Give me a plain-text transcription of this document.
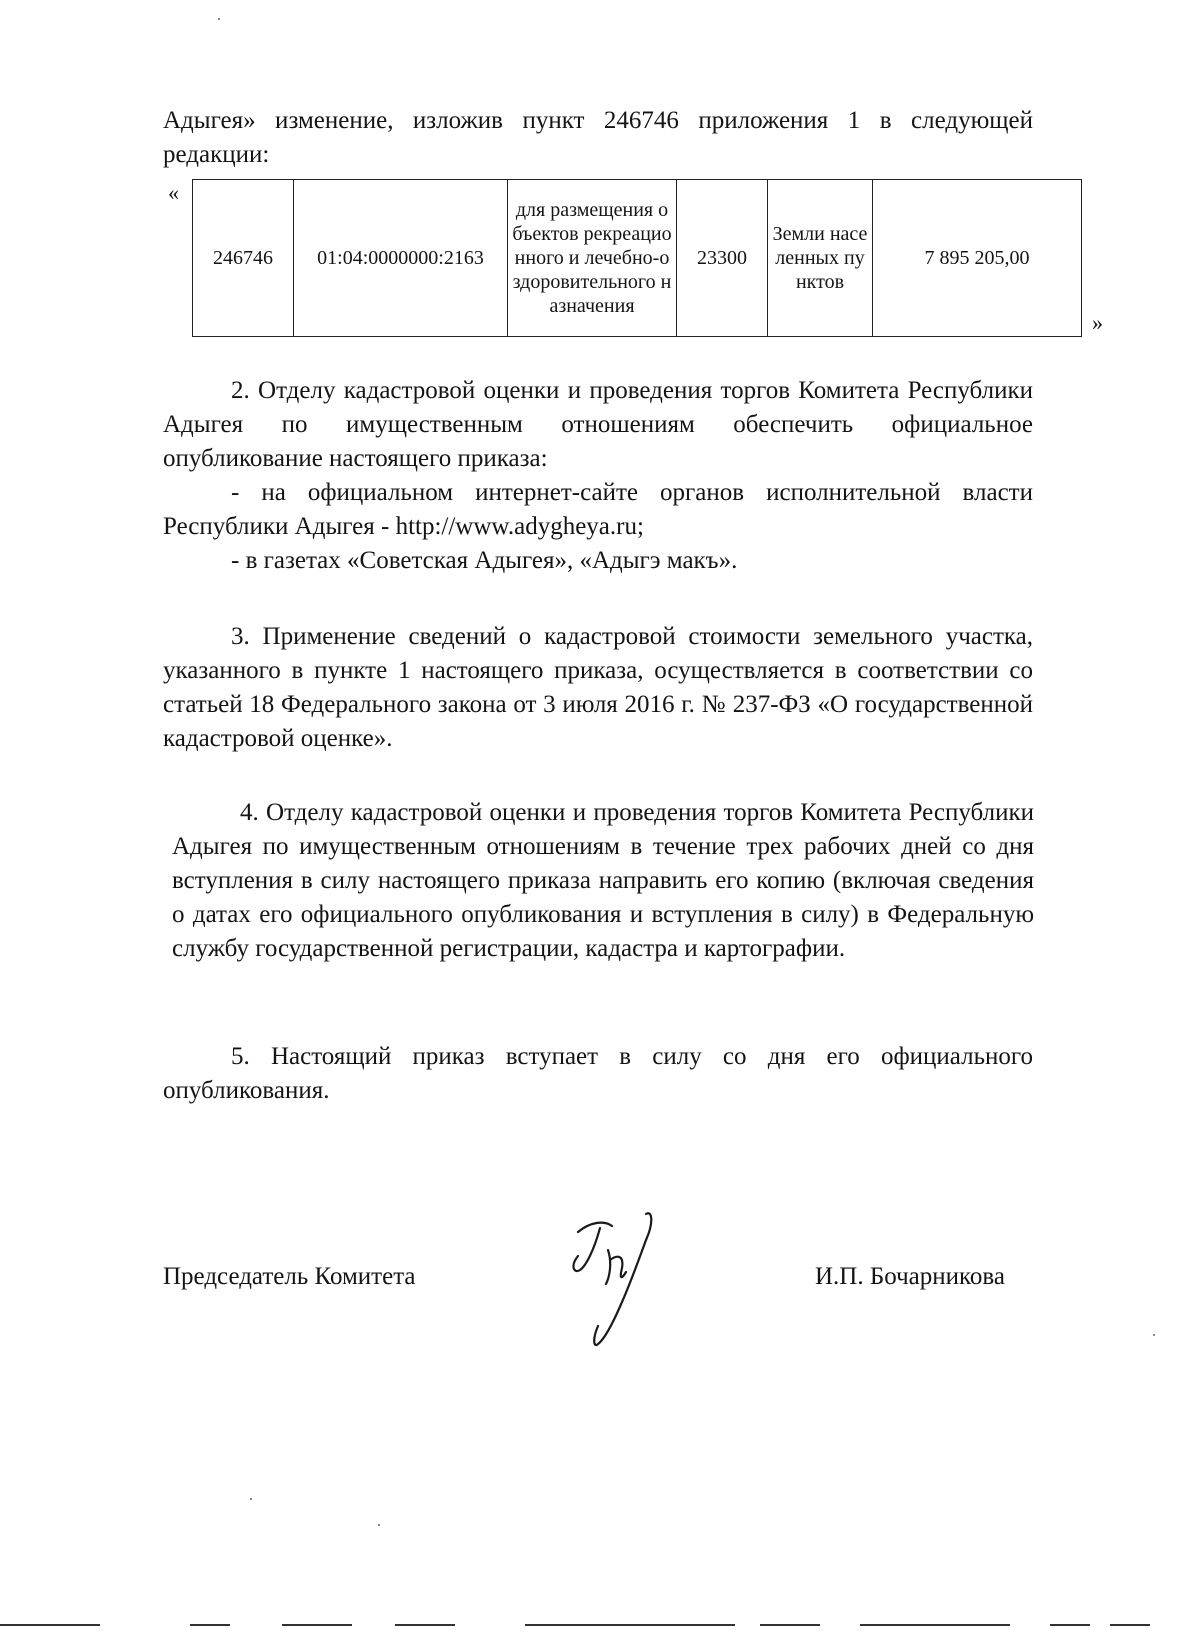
Адыгея» изменение, изложив пункт 246746 приложения 1 в следующей
редакции:
«
246746	01:04:0000000:2163	для размещения объектов рекреационного и лечебно-оздоровительного назначения	23300	Земли населенных пунктов	7 895 205,00
»

2. Отделу кадастровой оценки и проведения торгов Комитета Республики Адыгея по имущественным отношениям обеспечить официальное опубликование настоящего приказа:

- на официальном интернет-сайте органов исполнительной власти Республики Адыгея - http://www.adygheya.ru;

- в газетах «Советская Адыгея», «Адыгэ макъ».

3. Применение сведений о кадастровой стоимости земельного участка, указанного в пункте 1 настоящего приказа, осуществляется в соответствии со статьей 18 Федерального закона от 3 июля 2016 г. № 237-ФЗ «О государственной кадастровой оценке».

4. Отделу кадастровой оценки и проведения торгов Комитета Республики Адыгея по имущественным отношениям в течение трех рабочих дней со дня вступления в силу настоящего приказа направить его копию (включая сведения о датах его официального опубликования и вступления в силу) в Федеральную службу государственной регистрации, кадастра и картографии.

5. Настоящий приказ вступает в силу со дня его официального опубликования.

Председатель Комитета	И.П. Бочарникова
